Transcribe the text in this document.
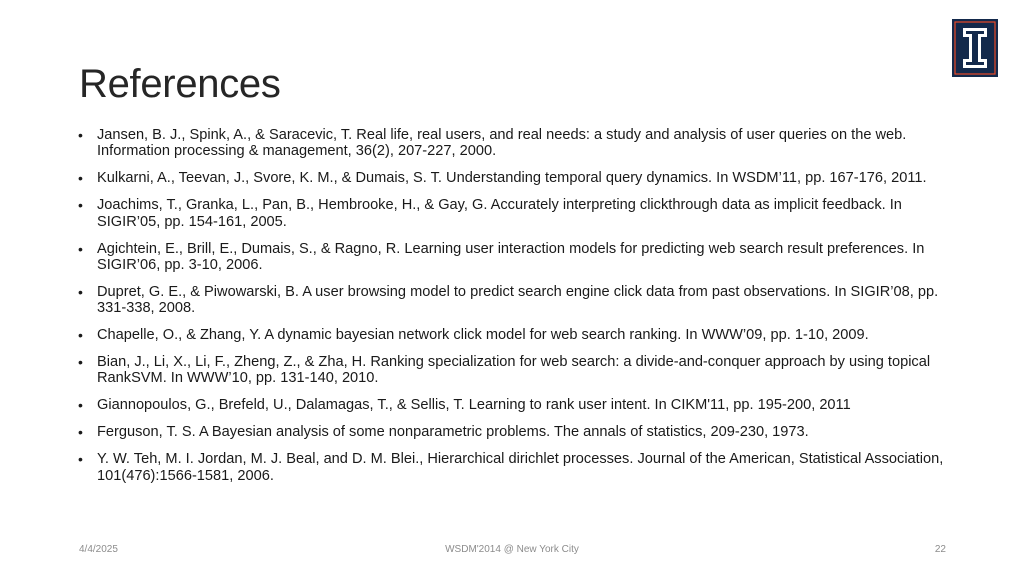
References
• Jansen, B. J., Spink, A., & Saracevic, T. Real life, real users, and real needs: a study and analysis of user queries on the web. Information processing & management, 36(2), 207-227, 2000.
• Kulkarni, A., Teevan, J., Svore, K. M., & Dumais, S. T. Understanding temporal query dynamics. In WSDM’11, pp. 167-176, 2011.
• Joachims, T., Granka, L., Pan, B., Hembrooke, H., & Gay, G. Accurately interpreting clickthrough data as implicit feedback. In SIGIR’05, pp. 154-161, 2005.
• Agichtein, E., Brill, E., Dumais, S., & Ragno, R. Learning user interaction models for predicting web search result preferences. In SIGIR’06, pp. 3-10, 2006.
• Dupret, G. E., & Piwowarski, B. A user browsing model to predict search engine click data from past observations. In SIGIR’08, pp. 331-338, 2008.
• Chapelle, O., & Zhang, Y. A dynamic bayesian network click model for web search ranking. In WWW’09, pp. 1-10, 2009.
• Bian, J., Li, X., Li, F., Zheng, Z., & Zha, H. Ranking specialization for web search: a divide-and-conquer approach by using topical RankSVM. In WWW’10, pp. 131-140, 2010.
• Giannopoulos, G., Brefeld, U., Dalamagas, T., & Sellis, T. Learning to rank user intent. In CIKM'11, pp. 195-200, 2011
• Ferguson, T. S. A Bayesian analysis of some nonparametric problems. The annals of statistics, 209-230, 1973.
• Y. W. Teh, M. I. Jordan, M. J. Beal, and D. M. Blei., Hierarchical dirichlet processes. Journal of the American, Statistical Association, 101(476):1566-1581, 2006.
4/4/2025	WSDM'2014 @ New York City	22
